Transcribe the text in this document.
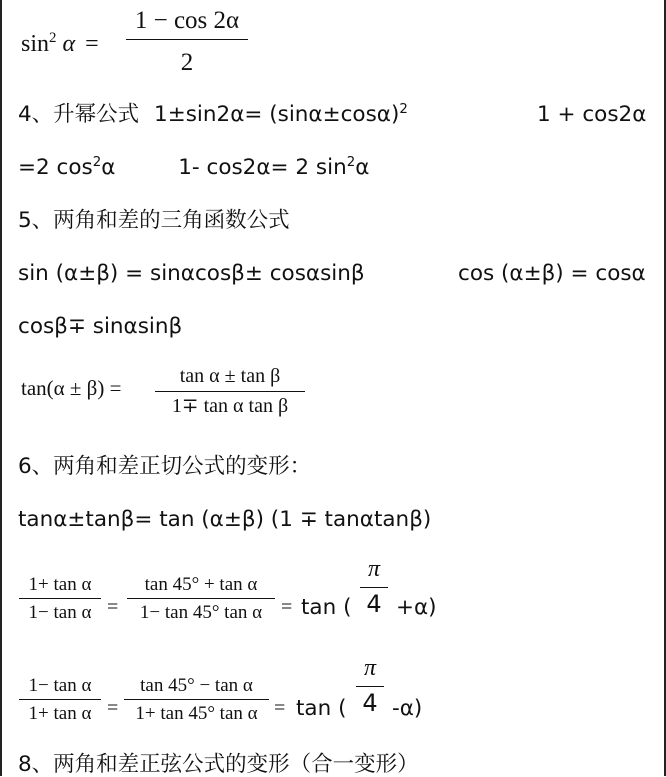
$\sin^2 \alpha$ =
1 − cos 2α
2
4、升幂公式 $1\pm\sin 2\alpha= (\sin\alpha\pm\cos\alpha)^2$	1 + cos2α
=2 $\cos^2\alpha$	1- cos2α= 2 $\sin^2\alpha$
5、两角和差的三角函数公式
sin (α±β) = sinαcosβ± cosαsinβ	cos (α±β) = cosα
cosβ∓ sinαsinβ
tan(α ± β) =	tan α ± tan β
1∓ tan α tan β
6、两角和差正切公式的变形：
tanα±tanβ= tan (α±β) (1 ∓ tanαtanβ)
1+ tan α
1− tan α =
tan 45° + tan α
1− tan 45° tan α = tan (
π
4 +α)
1− tan α
1+ tan α =
tan 45° − tan α
1+ tan 45° tan α = tan (
π
4 -α)
8、两角和差正弦公式的变形（合一变形）
